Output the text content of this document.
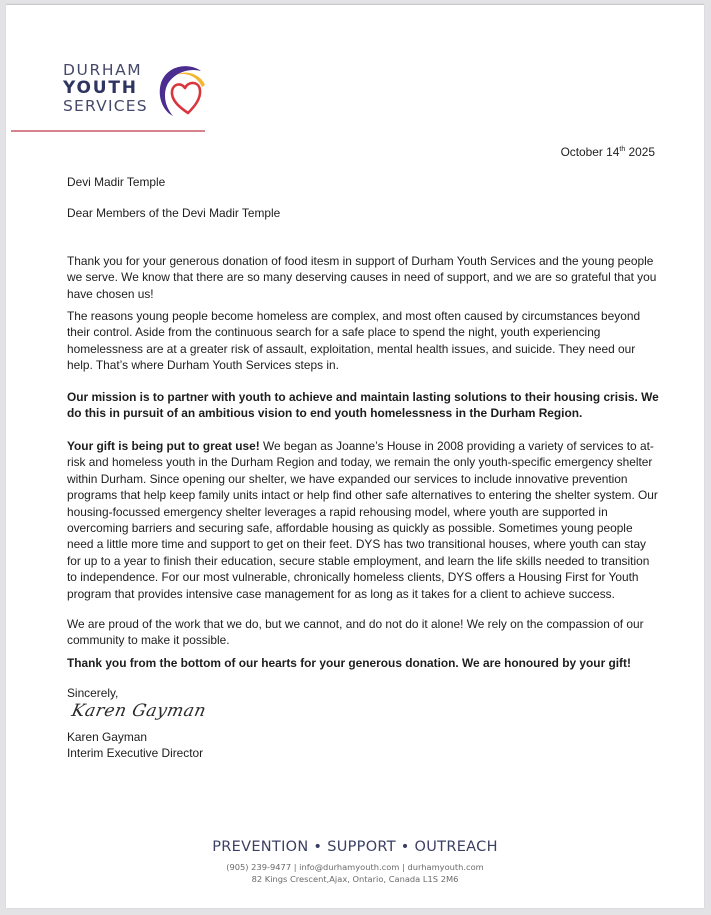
DURHAM
YOUTH
SERVICES
October 14th 2025
Devi Madir Temple
Dear Members of the Devi Madir Temple

Thank you for your generous donation of food itesm in support of Durham Youth Services and the young people we serve. We know that there are so many deserving causes in need of support, and we are so grateful that you have chosen us!

The reasons young people become homeless are complex, and most often caused by circumstances beyond their control. Aside from the continuous search for a safe place to spend the night, youth experiencing homelessness are at a greater risk of assault, exploitation, mental health issues, and suicide. They need our help. That’s where Durham Youth Services steps in.

Our mission is to partner with youth to achieve and maintain lasting solutions to their housing crisis. We do this in pursuit of an ambitious vision to end youth homelessness in the Durham Region.

Your gift is being put to great use! We began as Joanne’s House in 2008 providing a variety of services to at-risk and homeless youth in the Durham Region and today, we remain the only youth-specific emergency shelter within Durham. Since opening our shelter, we have expanded our services to include innovative prevention programs that help keep family units intact or help find other safe alternatives to entering the shelter system. Our housing-focussed emergency shelter leverages a rapid rehousing model, where youth are supported in overcoming barriers and securing safe, affordable housing as quickly as possible. Sometimes young people need a little more time and support to get on their feet. DYS has two transitional houses, where youth can stay for up to a year to finish their education, secure stable employment, and learn the life skills needed to transition to independence. For our most vulnerable, chronically homeless clients, DYS offers a Housing First for Youth program that provides intensive case management for as long as it takes for a client to achieve success.

We are proud of the work that we do, but we cannot, and do not do it alone! We rely on the compassion of our community to make it possible.

Thank you from the bottom of our hearts for your generous donation. We are honoured by your gift!

Sincerely,
Karen Gayman
Karen Gayman
Interim Executive Director
PREVENTION • SUPPORT • OUTREACH
(905) 239-9477 | info@durhamyouth.com | durhamyouth.com
82 Kings Crescent,Ajax, Ontario, Canada L1S 2M6
